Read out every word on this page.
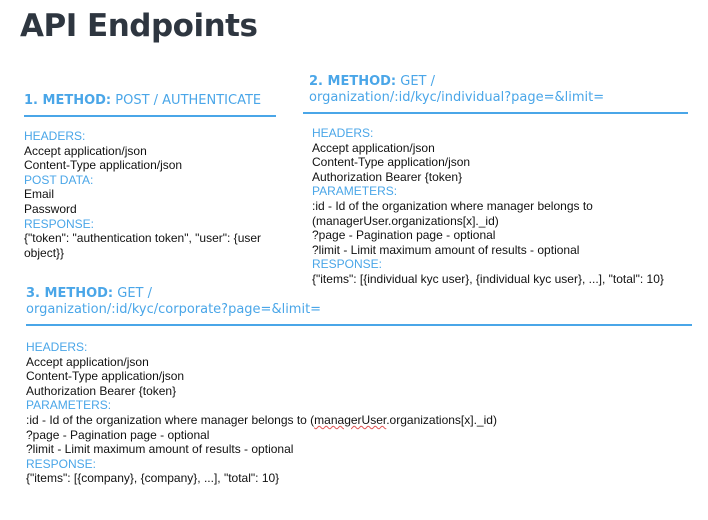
API Endpoints
1. METHOD: POST / AUTHENTICATE
HEADERS:
Accept application/json
Content-Type application/json
POST DATA:
Email
Password
RESPONSE:
{"token": "authentication token", "user": {user object}}
2. METHOD: GET /
organization/:id/kyc/individual?page=&limit=
HEADERS:
Accept application/json
Content-Type application/json
Authorization Bearer {token}
PARAMETERS:
:id - Id of the organization where manager belongs to
(managerUser.organizations[x]._id)
?page - Pagination page - optional
?limit - Limit maximum amount of results - optional
RESPONSE:
{"items": [{individual kyc user}, {individual kyc user}, ...], "total": 10}
3. METHOD: GET /
organization/:id/kyc/corporate?page=&limit=
HEADERS:
Accept application/json
Content-Type application/json
Authorization Bearer {token}
PARAMETERS:
:id - Id of the organization where manager belongs to (managerUser.organizations[x]._id)
?page - Pagination page - optional
?limit - Limit maximum amount of results - optional
RESPONSE:
{"items": [{company}, {company}, ...], "total": 10}
